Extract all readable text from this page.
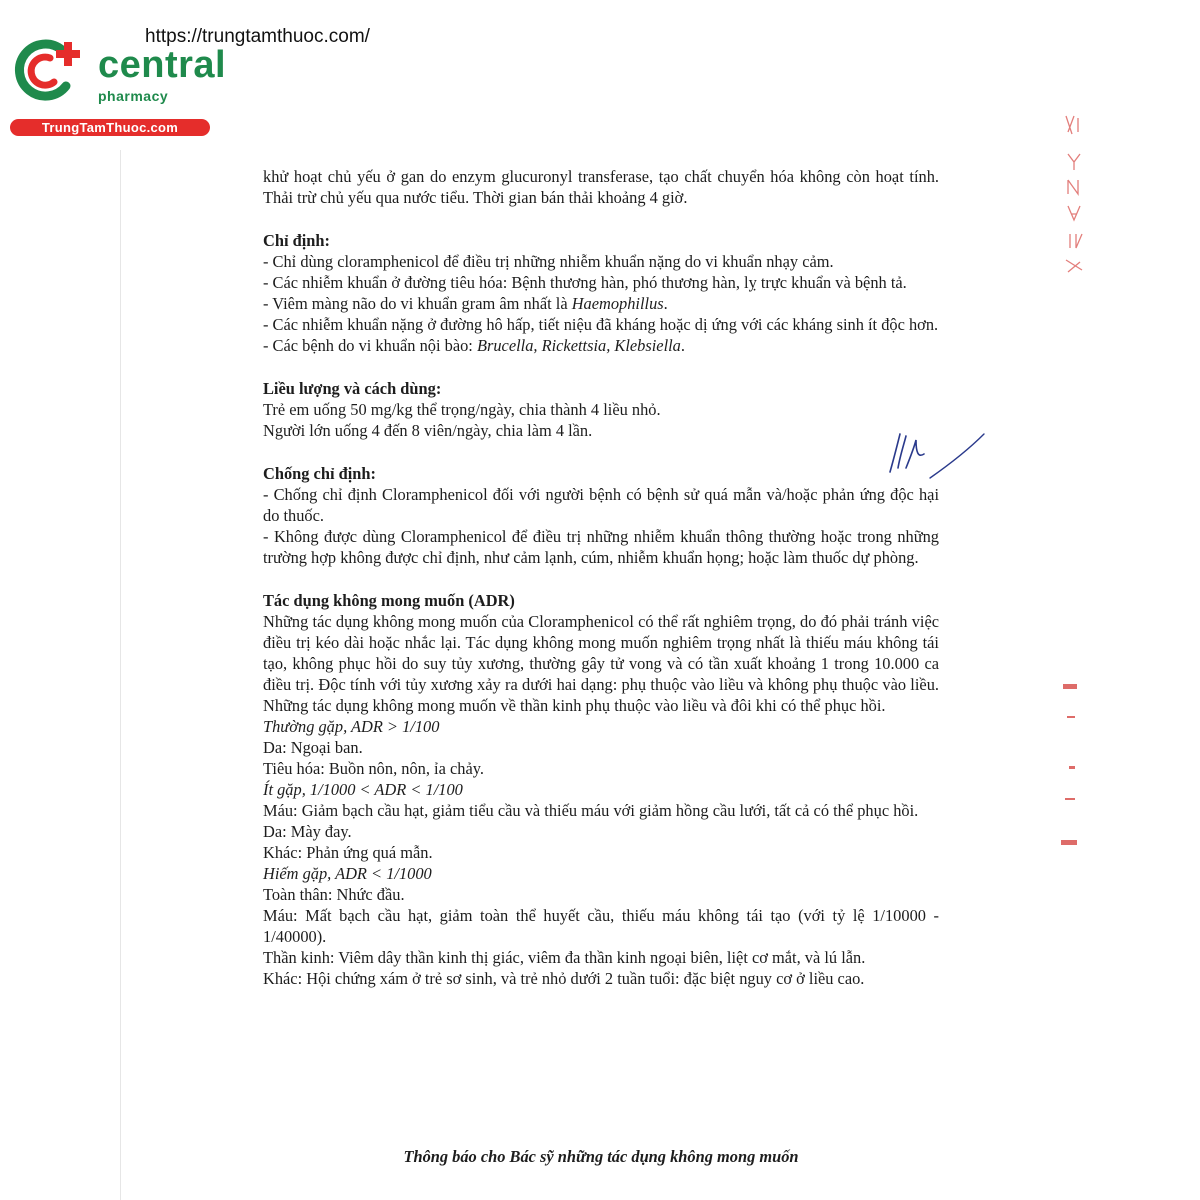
https://trungtamthuoc.com/
central
pharmacy
TrungTamThuoc.com

khử hoạt chủ yếu ở gan do enzym glucuronyl transferase, tạo chất chuyển hóa không còn hoạt tính. Thải trừ chủ yếu qua nước tiểu. Thời gian bán thải khoảng 4 giờ.

Chỉ định:

- Chỉ dùng cloramphenicol để điều trị những nhiễm khuẩn nặng do vi khuẩn nhạy cảm.

- Các nhiễm khuẩn ở đường tiêu hóa: Bệnh thương hàn, phó thương hàn, lỵ trực khuẩn và bệnh tả.

- Viêm màng não do vi khuẩn gram âm nhất là Haemophillus.

- Các nhiễm khuẩn nặng ở đường hô hấp, tiết niệu đã kháng hoặc dị ứng với các kháng sinh ít độc hơn.

- Các bệnh do vi khuẩn nội bào: Brucella, Rickettsia, Klebsiella.

Liều lượng và cách dùng:

Trẻ em uống 50 mg/kg thể trọng/ngày, chia thành 4 liều nhỏ.

Người lớn uống 4 đến 8 viên/ngày, chia làm 4 lần.

Chống chỉ định:

- Chống chỉ định Cloramphenicol đối với người bệnh có bệnh sử quá mẫn và/hoặc phản ứng độc hại do thuốc.

- Không được dùng Cloramphenicol để điều trị những nhiễm khuẩn thông thường hoặc trong những trường hợp không được chỉ định, như cảm lạnh, cúm, nhiễm khuẩn họng; hoặc làm thuốc dự phòng.

Tác dụng không mong muốn (ADR)

Những tác dụng không mong muốn của Cloramphenicol có thể rất nghiêm trọng, do đó phải tránh việc điều trị kéo dài hoặc nhắc lại. Tác dụng không mong muốn nghiêm trọng nhất là thiếu máu không tái tạo, không phục hồi do suy tủy xương, thường gây tử vong và có tần xuất khoảng 1 trong 10.000 ca điều trị. Độc tính với tủy xương xảy ra dưới hai dạng: phụ thuộc vào liều và không phụ thuộc vào liều. Những tác dụng không mong muốn về thần kinh phụ thuộc vào liều và đôi khi có thể phục hồi.

Thường gặp, ADR > 1/100

Da: Ngoại ban.

Tiêu hóa: Buồn nôn, nôn, ỉa chảy.

Ít gặp, 1/1000 < ADR < 1/100

Máu: Giảm bạch cầu hạt, giảm tiểu cầu và thiếu máu với giảm hồng cầu lưới, tất cả có thể phục hồi.

Da: Mày đay.

Khác: Phản ứng quá mẫn.

Hiếm gặp, ADR < 1/1000

Toàn thân: Nhức đầu.

Máu: Mất bạch cầu hạt, giảm toàn thể huyết cầu, thiếu máu không tái tạo (với tỷ lệ 1/10000 - 1/40000).

Thần kinh: Viêm dây thần kinh thị giác, viêm đa thần kinh ngoại biên, liệt cơ mắt, và lú lẫn.

Khác: Hội chứng xám ở trẻ sơ sinh, và trẻ nhỏ dưới 2 tuần tuổi: đặc biệt nguy cơ ở liều cao.

Thông báo cho Bác sỹ những tác dụng không mong muốn
